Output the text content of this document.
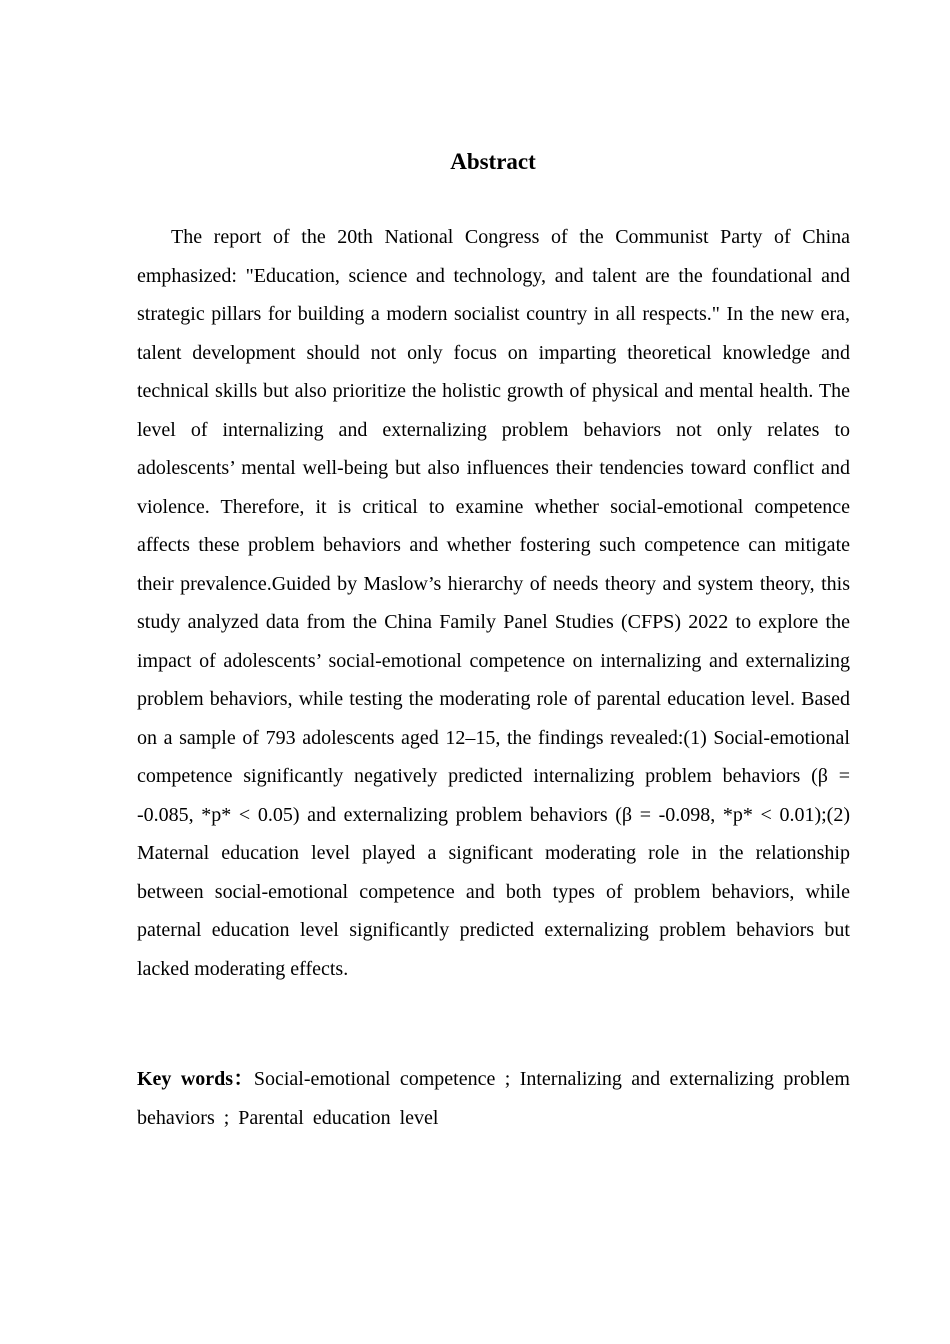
Abstract

The report of the 20th National Congress of the Communist Party of China emphasized: "Education, science and technology, and talent are the foundational and strategic pillars for building a modern socialist country in all respects." In the new era, talent development should not only focus on imparting theoretical knowledge and technical skills but also prioritize the holistic growth of physical and mental health. The level of internalizing and externalizing problem behaviors not only relates to adolescents’ mental well-being but also influences their tendencies toward conflict and violence. Therefore, it is critical to examine whether social-emotional competence affects these problem behaviors and whether fostering such competence can mitigate their prevalence.Guided by Maslow’s hierarchy of needs theory and system theory, this study analyzed data from the China Family Panel Studies (CFPS) 2022 to explore the impact of adolescents’ social-emotional competence on internalizing and externalizing problem behaviors, while testing the moderating role of parental education level. Based on a sample of 793 adolescents aged 12–15, the findings revealed:(1) Social-emotional competence significantly negatively predicted internalizing problem behaviors (β = -0.085, *p* < 0.05) and externalizing problem behaviors (β = -0.098, *p* < 0.01);(2) Maternal education level played a significant moderating role in the relationship between social-emotional competence and both types of problem behaviors, while paternal education level significantly predicted externalizing problem behaviors but lacked moderating effects.

Key words：Social-emotional competence ; Internalizing and externalizing problem behaviors ; Parental education level
